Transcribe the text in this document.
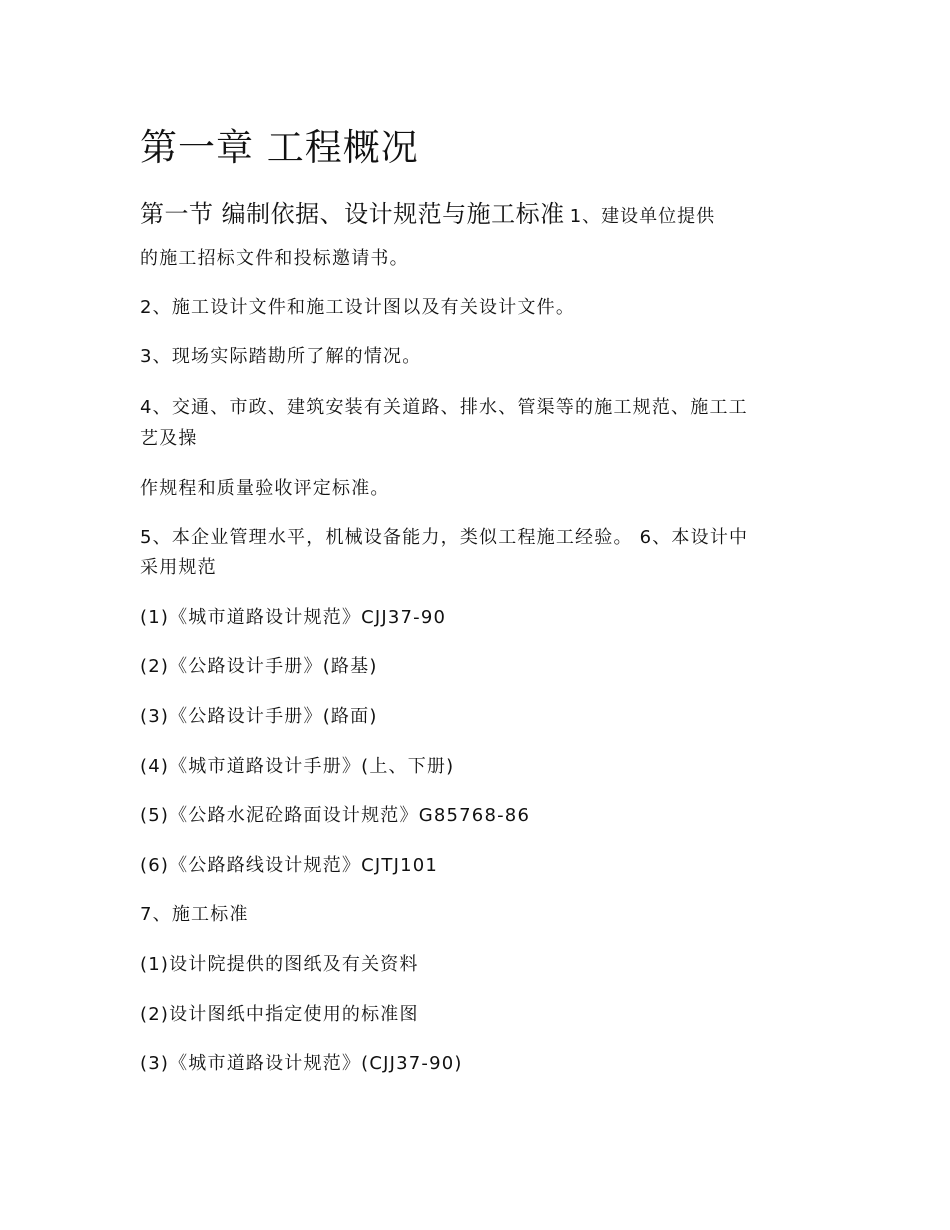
第一章 工程概况
第一节 编制依据、设计规范与施工标准 1、建设单位提供
的施工招标文件和投标邀请书。
2、施工设计文件和施工设计图以及有关设计文件。
3、现场实际踏勘所了解的情况。
4、交通、市政、建筑安装有关道路、排水、管渠等的施工规范、施工工
艺及操
作规程和质量验收评定标准。
5、本企业管理水平，机械设备能力，类似工程施工经验。 6、本设计中
采用规范
(1)《城市道路设计规范》CJJ37-90
(2)《公路设计手册》(路基)
(3)《公路设计手册》(路面)
(4)《城市道路设计手册》(上、下册)
(5)《公路水泥砼路面设计规范》G85768-86
(6)《公路路线设计规范》CJTJ101
7、施工标准
(1)设计院提供的图纸及有关资料
(2)设计图纸中指定使用的标准图
(3)《城市道路设计规范》(CJJ37-90)
